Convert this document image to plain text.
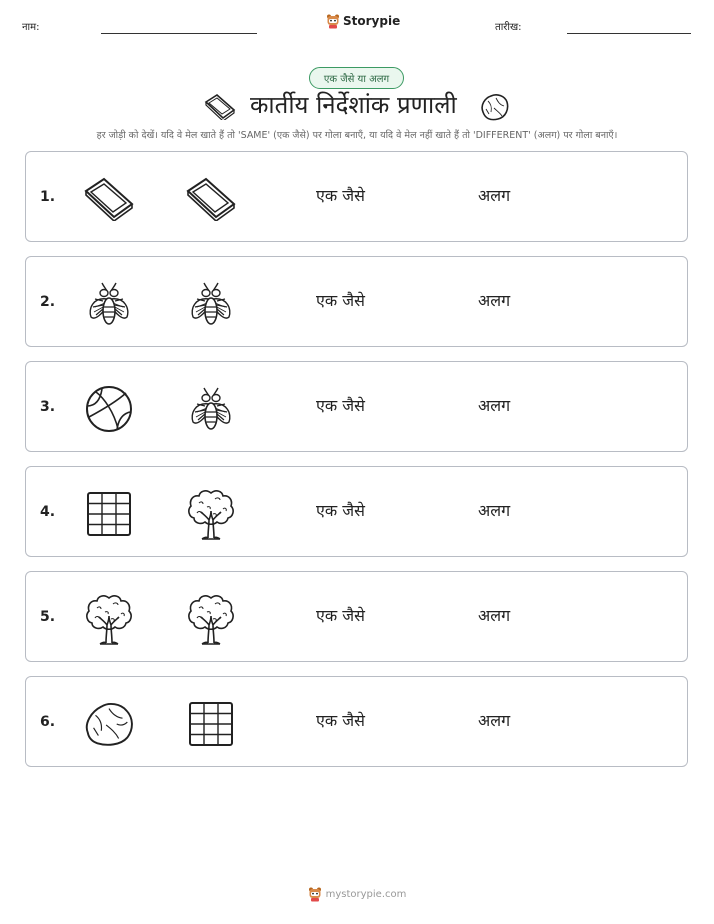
नाम:	Storypie	तारीख:
एक जैसे या अलग
कार्तीय निर्देशांक प्रणाली
हर जोड़ी को देखें। यदि वे मेल खाते हैं तो 'SAME' (एक जैसे) पर गोला बनाएँ, या यदि वे मेल नहीं खाते हैं तो 'DIFFERENT' (अलग) पर गोला बनाएँ।
1.	एक जैसे	अलग
2.	एक जैसे	अलग
3.	एक जैसे	अलग
4.	एक जैसे	अलग
5.	एक जैसे	अलग
6.	एक जैसे	अलग
mystorypie.com
